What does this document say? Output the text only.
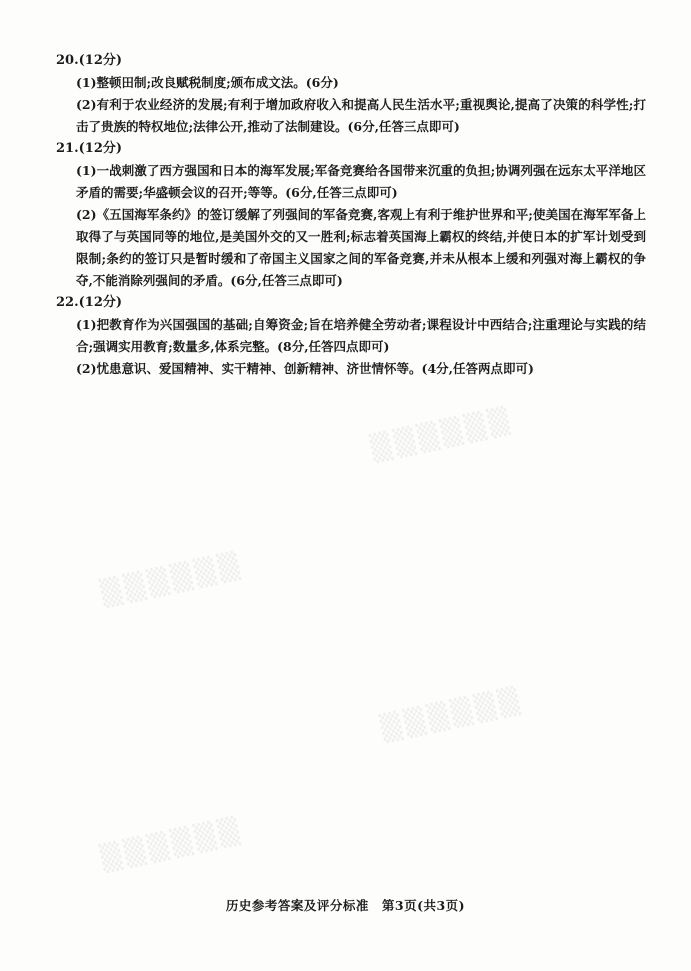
▒▒▒▒▒▒
▒▒▒▒▒▒
▒▒▒▒▒▒
▒▒▒▒▒▒

20.(12分)

(1)整顿田制;改良赋税制度;颁布成文法。(6分)

(2)有利于农业经济的发展;有利于增加政府收入和提高人民生活水平;重视舆论,提高了决策的科学性;打击了贵族的特权地位;法律公开,推动了法制建设。(6分,任答三点即可)

21.(12分)

(1)一战刺激了西方强国和日本的海军发展;军备竞赛给各国带来沉重的负担;协调列强在远东太平洋地区矛盾的需要;华盛顿会议的召开;等等。(6分,任答三点即可)

(2)《五国海军条约》的签订缓解了列强间的军备竞赛,客观上有利于维护世界和平;使美国在海军军备上取得了与英国同等的地位,是美国外交的又一胜利;标志着英国海上霸权的终结,并使日本的扩军计划受到限制;条约的签订只是暂时缓和了帝国主义国家之间的军备竞赛,并未从根本上缓和列强对海上霸权的争夺,不能消除列强间的矛盾。(6分,任答三点即可)

22.(12分)

(1)把教育作为兴国强国的基础;自筹资金;旨在培养健全劳动者;课程设计中西结合;注重理论与实践的结合;强调实用教育;数量多,体系完整。(8分,任答四点即可)

(2)忧患意识、爱国精神、实干精神、创新精神、济世情怀等。(4分,任答两点即可)

历史参考答案及评分标准　第3页(共3页)
